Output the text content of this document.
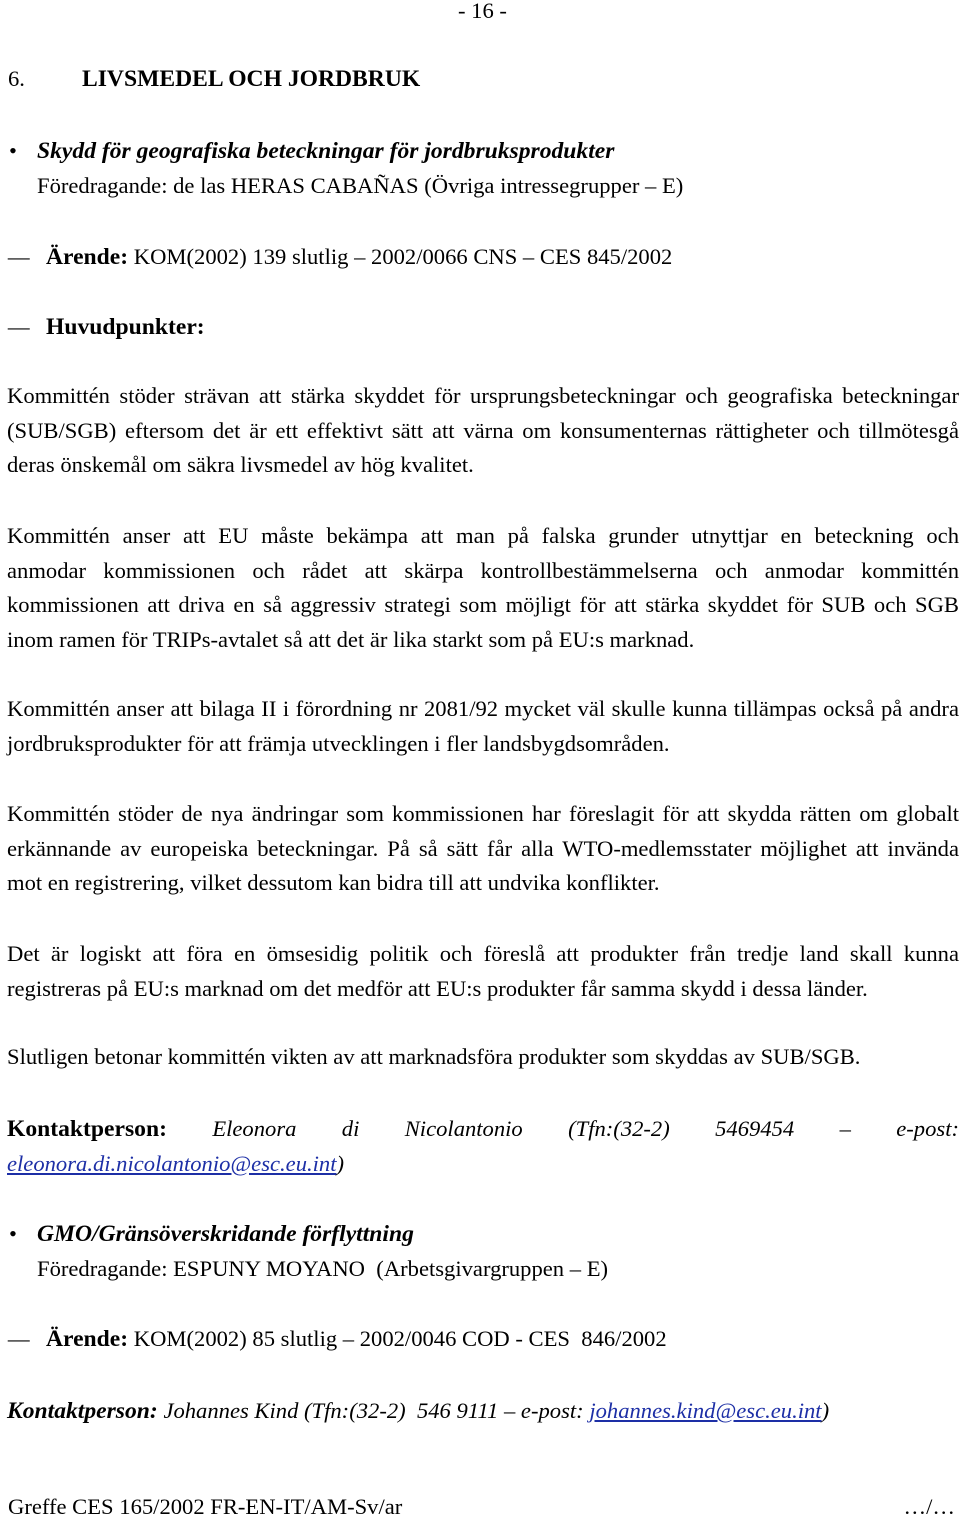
- 16 -
6. LIVSMEDEL OCH JORDBRUK
• Skydd för geografiska beteckningar för jordbruksprodukter
Föredragande: de las HERAS CABAÑAS (Övriga intressegrupper – E)
– Ärende: KOM(2002) 139 slutlig – 2002/0066 CNS – CES 845/2002
– Huvudpunkter:
Kommittén stöder strävan att stärka skyddet för ursprungsbeteckningar och geografiska beteckningar
(SUB/SGB) eftersom det är ett effektivt sätt att värna om konsumenternas rättigheter och tillmötesgå
deras önskemål om säkra livsmedel av hög kvalitet.
Kommittén anser att EU måste bekämpa att man på falska grunder utnyttjar en beteckning och
anmodar kommissionen och rådet att skärpa kontrollbestämmelserna och anmodar kommittén
kommissionen att driva en så aggressiv strategi som möjligt för att stärka skyddet för SUB och SGB
inom ramen för TRIPs-avtalet så att det är lika starkt som på EU:s marknad.
Kommittén anser att bilaga II i förordning nr 2081/92 mycket väl skulle kunna tillämpas också på andra
jordbruksprodukter för att främja utvecklingen i fler landsbygdsområden.
Kommittén stöder de nya ändringar som kommissionen har föreslagit för att skydda rätten om globalt
erkännande av europeiska beteckningar. På så sätt får alla WTO-medlemsstater möjlighet att invända
mot en registrering, vilket dessutom kan bidra till att undvika konflikter.
Det är logiskt att föra en ömsesidig politik och föreslå att produkter från tredje land skall kunna
registreras på EU:s marknad om det medför att EU:s produkter får samma skydd i dessa länder.
Slutligen betonar kommittén vikten av att marknadsföra produkter som skyddas av SUB/SGB.
Kontaktperson: Eleonora di Nicolantonio (Tfn:(32-2) 5469454 – e-post:
eleonora.di.nicolantonio@esc.eu.int)
• GMO/Gränsöverskridande förflyttning
Föredragande: ESPUNY MOYANO  (Arbetsgivargruppen – E)
– Ärende: KOM(2002) 85 slutlig – 2002/0046 COD - CES  846/2002
Kontaktperson: Johannes Kind (Tfn:(32-2)  546 9111 – e-post: johannes.kind@esc.eu.int)
Greffe CES 165/2002 FR-EN-IT/AM-Sv/ar	…/…
